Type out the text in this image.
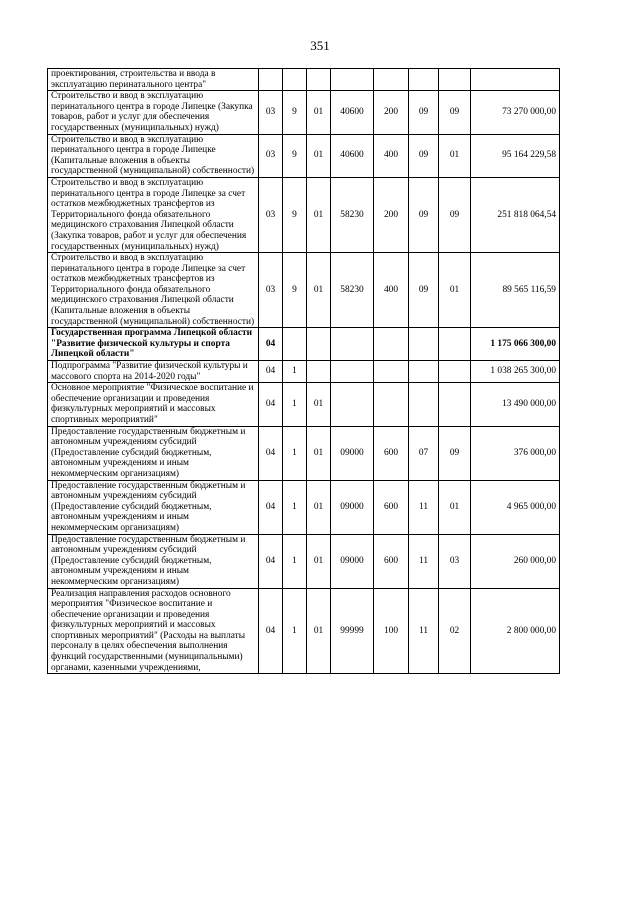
351
проектирования, строительства и ввода в эксплуатацию перинатального центра"								
Строительство и ввод в эксплуатацию перинатального центра в городе Липецке (Закупка товаров, работ и услуг для обеспечения государственных (муниципальных) нужд)	03	9	01	40600	200	09	09	73 270 000,00
Строительство и ввод в эксплуатацию перинатального центра в городе Липецке (Капитальные вложения в объекты государственной (муниципальной) собственности)	03	9	01	40600	400	09	01	95 164 229,58
Строительство и ввод в эксплуатацию перинатального центра в городе Липецке за счет остатков межбюджетных трансфертов из Территориального фонда обязательного медицинского страхования Липецкой области (Закупка товаров, работ и услуг для обеспечения государственных (муниципальных) нужд)	03	9	01	58230	200	09	09	251 818 064,54
Строительство и ввод в эксплуатацию перинатального центра в городе Липецке за счет остатков межбюджетных трансфертов из Территориального фонда обязательного медицинского страхования Липецкой области (Капитальные вложения в объекты государственной (муниципальной) собственности)	03	9	01	58230	400	09	01	89 565 116,59
Государственная программа Липецкой области "Развитие физической культуры и спорта Липецкой области"	04							1 175 066 300,00
Подпрограмма "Развитие физической культуры и массового спорта на 2014-2020 годы"	04	1						1 038 265 300,00
Основное мероприятие "Физическое воспитание и обеспечение организации и проведения физкультурных мероприятий и массовых спортивных мероприятий"	04	1	01					13 490 000,00
Предоставление государственным бюджетным и автономным учреждениям субсидий (Предоставление субсидий бюджетным, автономным учреждениям и иным некоммерческим организациям)	04	1	01	09000	600	07	09	376 000,00
Предоставление государственным бюджетным и автономным учреждениям субсидий (Предоставление субсидий бюджетным, автономным учреждениям и иным некоммерческим организациям)	04	1	01	09000	600	11	01	4 965 000,00
Предоставление государственным бюджетным и автономным учреждениям субсидий (Предоставление субсидий бюджетным, автономным учреждениям и иным некоммерческим организациям)	04	1	01	09000	600	11	03	260 000,00
Реализация направления расходов основного мероприятия "Физическое воспитание и обеспечение организации и проведения физкультурных мероприятий и массовых спортивных мероприятий" (Расходы на выплаты персоналу в целях обеспечения выполнения функций государственными (муниципальными) органами, казенными учреждениями,	04	1	01	99999	100	11	02	2 800 000,00
